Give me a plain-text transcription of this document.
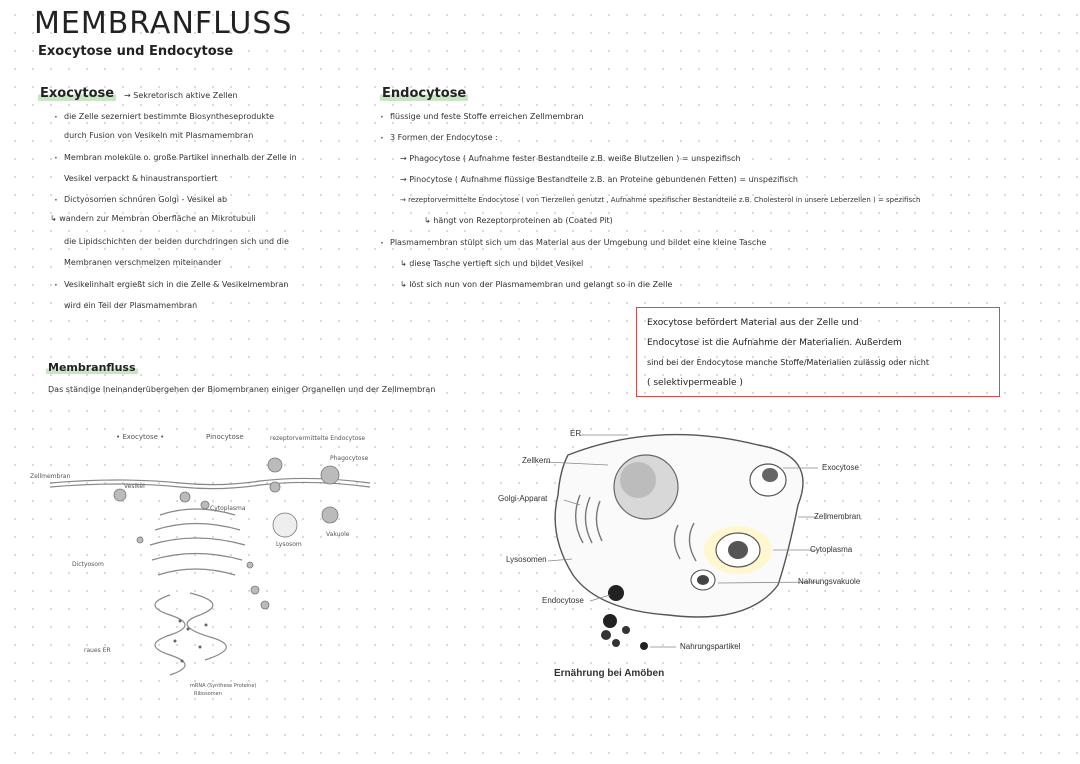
MEMBRANFLUSS
Exocytose und Endocytose
Exocytose → Sekretorisch aktive Zellen
· die Zelle sezerniert bestimmte Biosyntheseprodukte
durch Fusion von Vesikeln mit Plasmamembran
· Membran moleküle o. große Partikel innerhalb der Zelle in
Vesikel verpackt & hinaustransportiert
· Dictyosomen schnüren Golgi - Vesikel ab
↳ wandern zur Membran Oberfläche an Mikrotubuli
die Lipidschichten der beiden durchdringen sich und die
Membranen verschmelzen miteinander
· Vesikelinhalt ergießt sich in die Zelle & Vesikelmembran
wird ein Teil der Plasmamembran
Endocytose
· flüssige und feste Stoffe erreichen Zellmembran
· 3 Formen der Endocytose :
→ Phagocytose ( Aufnahme fester Bestandteile z.B. weiße Blutzellen ) = unspezifisch
→ Pinocytose ( Aufnahme flüssige Bestandteile z.B. an Proteine gebundenen Fetten) = unspezifisch
→ rezeptorvermittelte Endocytose ( von Tierzellen genutzt , Aufnahme spezifischer Bestandteile z.B. Cholesterol in unsere Leberzellen ) = spezifisch
↳ hängt von Rezeptorproteinen ab (Coated Pit)
· Plasmamembran stülpt sich um das Material aus der Umgebung und bildet eine kleine Tasche
↳ diese Tasche vertieft sich und bildet Vesikel
↳ löst sich nun von der Plasmamembran und gelangt so in die Zelle
Exocytose befördert Material aus der Zelle und
Endocytose ist die Aufnahme der Materialien. Außerdem
sind bei der Endocytose manche Stoffe/Materialien zulässig oder nicht
( selektivpermeable )
Membranfluss
Das ständige Ineinanderübergehen der Biomembranen einiger Organellen und der Zellmembran
• Exocytose •	Pinocytose	rezeptorvermittelte Endocytose
Phagocytose
Zellmembran
Vesikel
Cytoplasma
Lysosom
Vakuole
Dictyosom
raues ER
mRNA (Synthese Proteine)
Ribosomen
ER
Zellkern
Golgi-Apparat
Lysosomen
Endocytose
Exocytose
Zellmembran
Cytoplasma
Nahrungsvakuole
Nahrungspartikel
Ernährung bei Amöben
